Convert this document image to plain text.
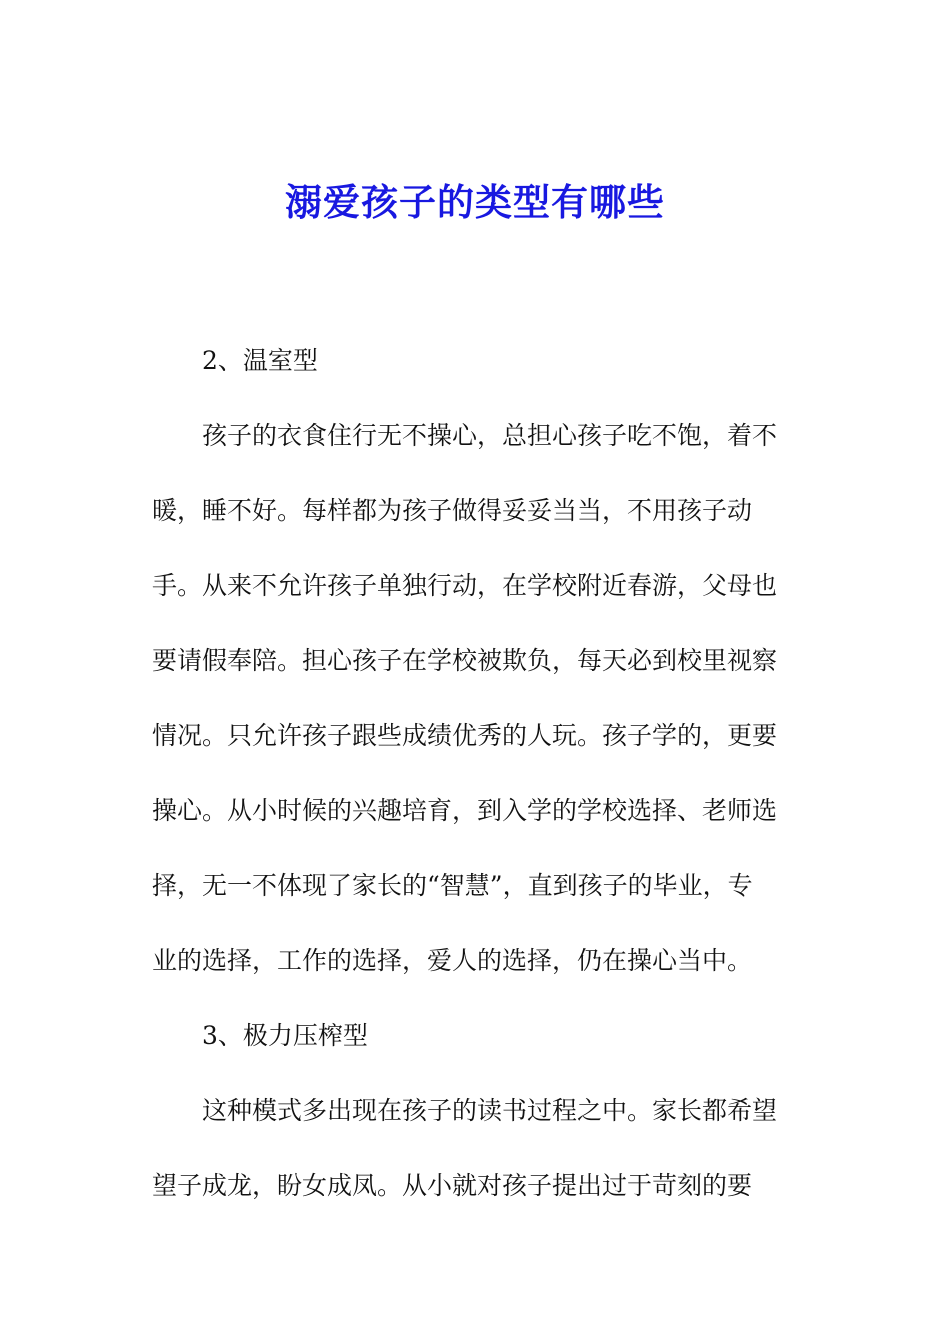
溺爱孩子的类型有哪些
2、温室型
孩子的衣食住行无不操心，总担心孩子吃不饱，着不
暖，睡不好。每样都为孩子做得妥妥当当，不用孩子动
手。从来不允许孩子单独行动，在学校附近春游，父母也
要请假奉陪。担心孩子在学校被欺负，每天必到校里视察
情况。只允许孩子跟些成绩优秀的人玩。孩子学的，更要
操心。从小时候的兴趣培育，到入学的学校选择、老师选
择，无一不体现了家长的“智慧”，直到孩子的毕业，专
业的选择，工作的选择，爱人的选择，仍在操心当中。
3、极力压榨型
这种模式多出现在孩子的读书过程之中。家长都希望
望子成龙，盼女成凤。从小就对孩子提出过于苛刻的要
